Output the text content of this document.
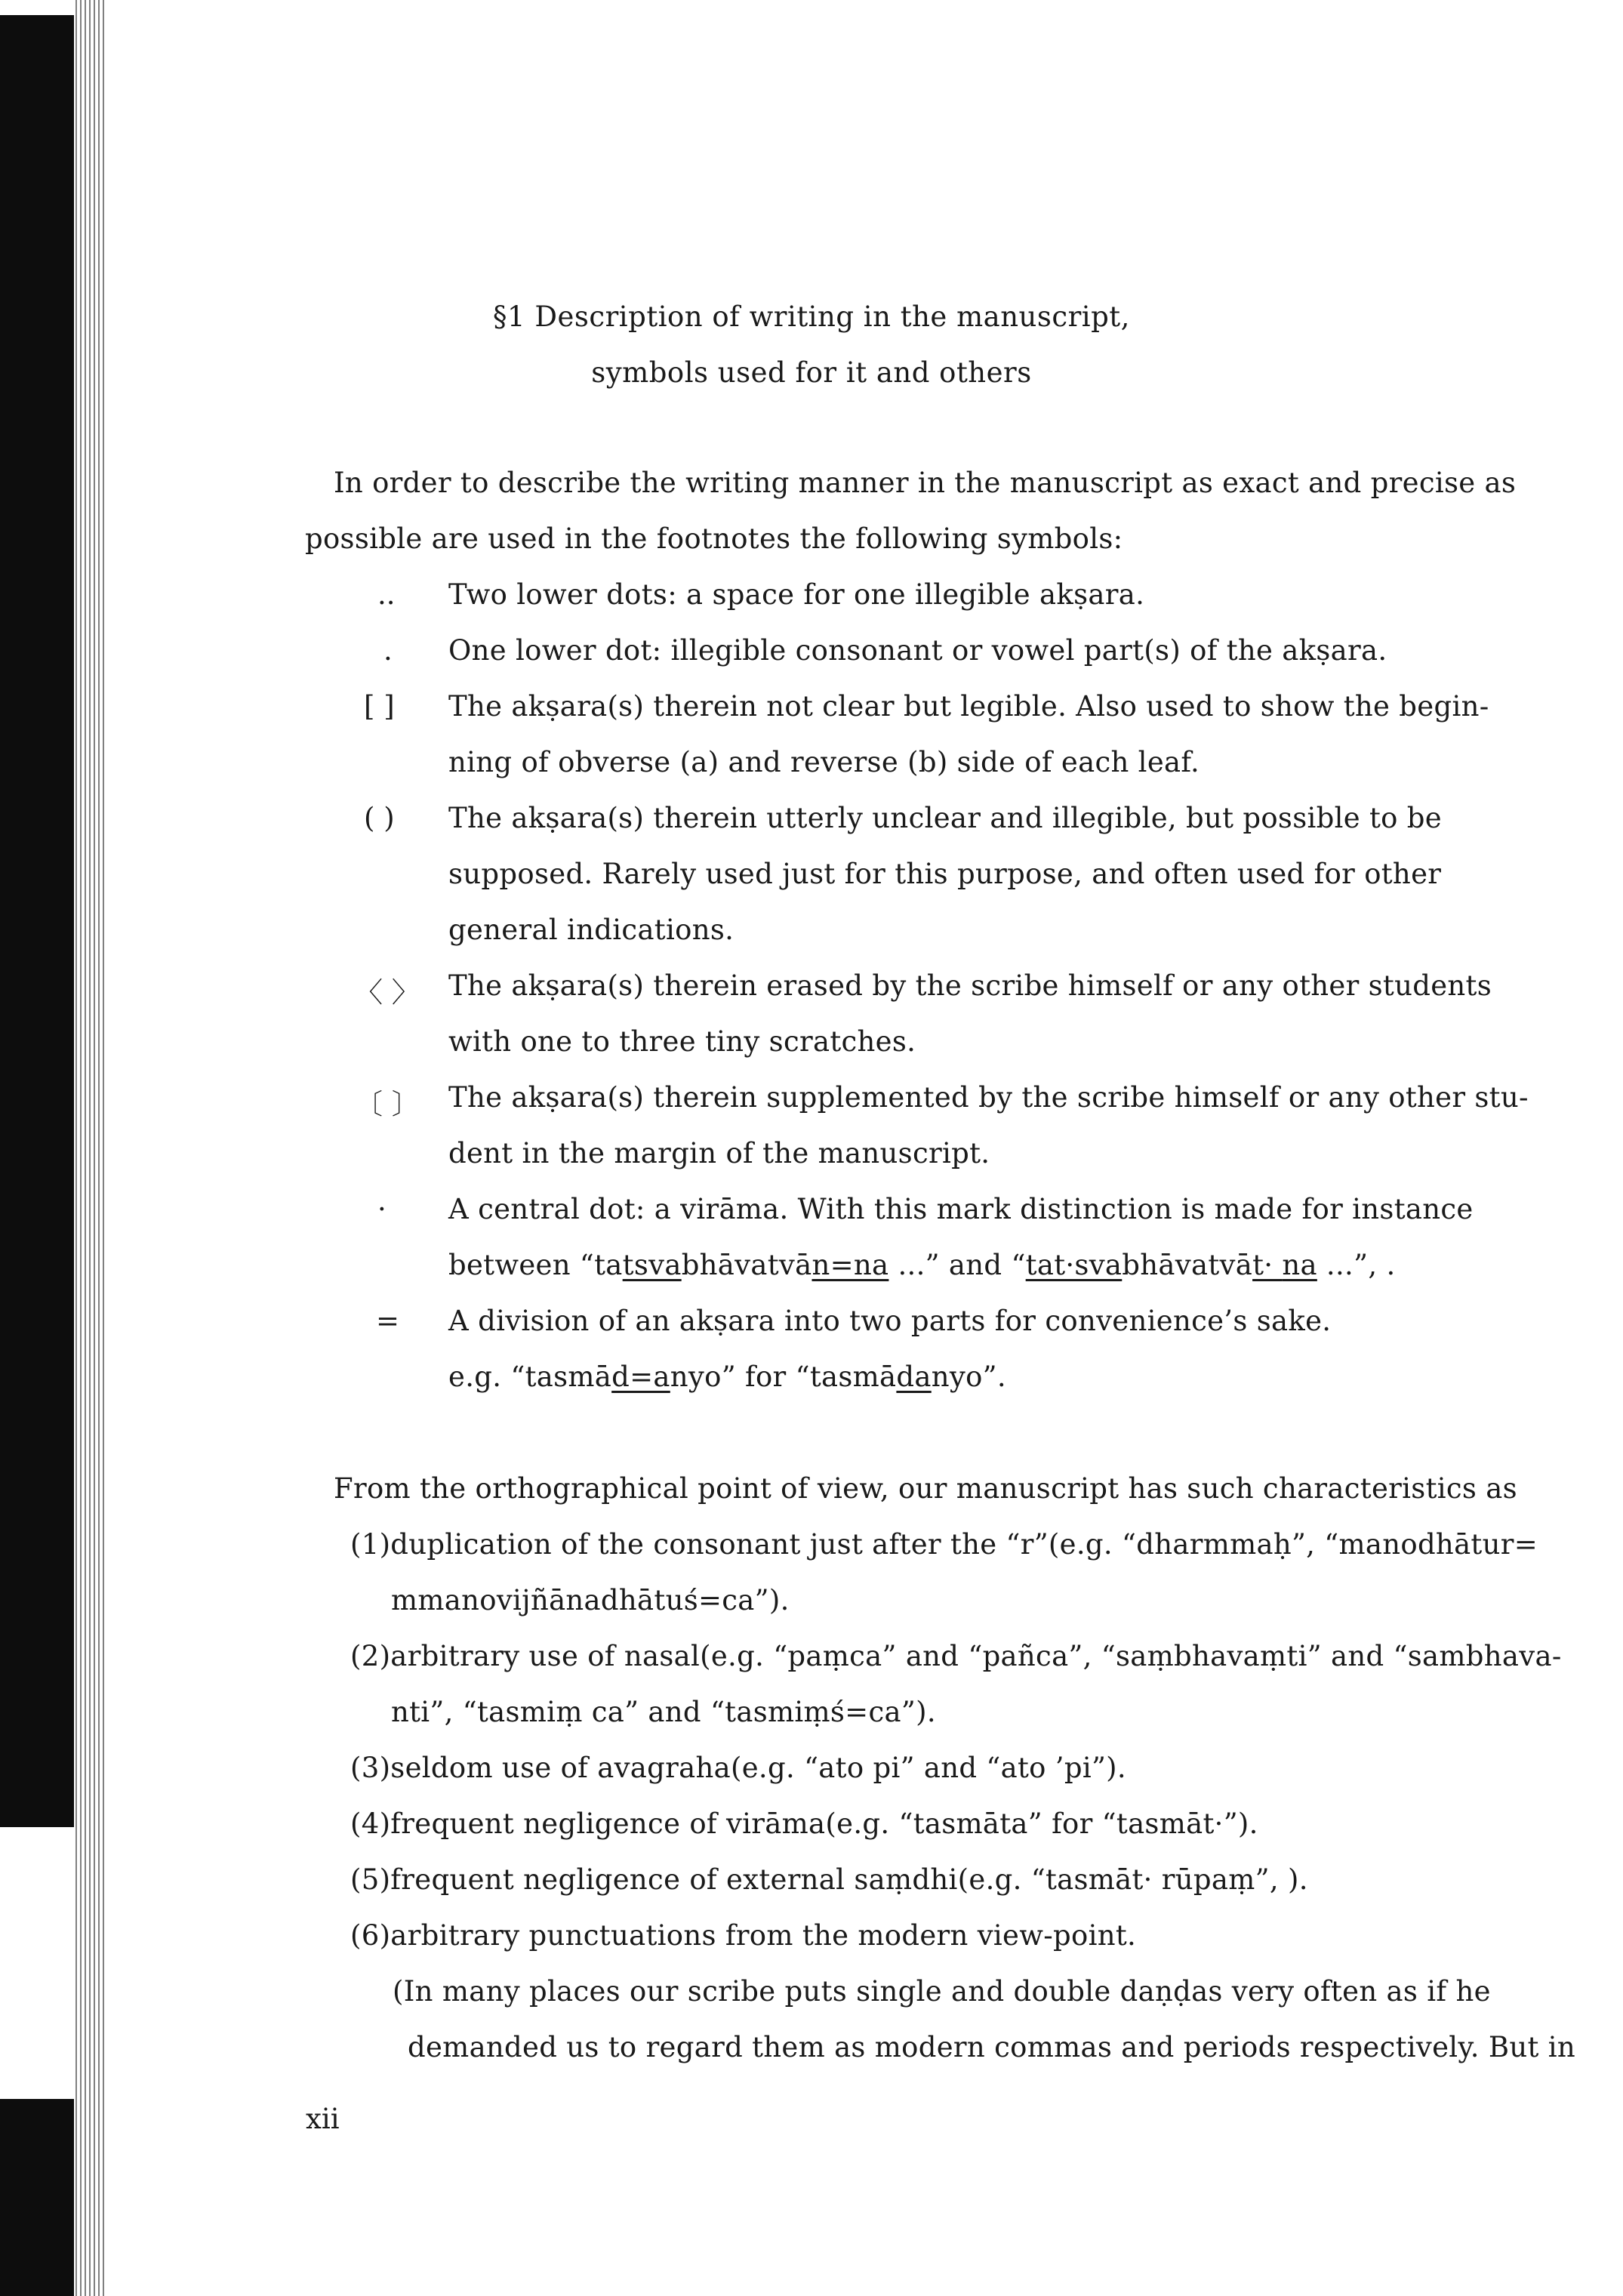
§1 Description of writing in the manuscript,
symbols used for it and others
In order to describe the writing manner in the manuscript as exact and precise as
possible are used in the footnotes the following symbols:
.. Two lower dots: a space for one illegible akṣara.
. One lower dot: illegible consonant or vowel part(s) of the akṣara.
[ ] The akṣara(s) therein not clear but legible. Also used to show the begin-
ning of obverse (a) and reverse (b) side of each leaf.
( ) The akṣara(s) therein utterly unclear and illegible, but possible to be
supposed. Rarely used just for this purpose, and often used for other
general indications.
〈 〉 The akṣara(s) therein erased by the scribe himself or any other students
with one to three tiny scratches.
〔 〕 The akṣara(s) therein supplemented by the scribe himself or any other stu-
dent in the margin of the manuscript.
· A central dot: a virāma. With this mark distinction is made for instance
between “tatsvabhāvatvān=na ...” and “tat·svabhāvatvāt· na ...”, .
= A division of an akṣara into two parts for convenience’s sake.
e.g. “tasmād=anyo” for “tasmādanyo”.
From the orthographical point of view, our manuscript has such characteristics as
(1)duplication of the consonant just after the “r”(e.g. “dharmmaḥ”, “manodhātur=
mmanovijñānadhātuś=ca”).
(2)arbitrary use of nasal(e.g. “paṃca” and “pañca”, “saṃbhavaṃti” and “sambhava-
nti”, “tasmiṃ ca” and “tasmiṃś=ca”).
(3)seldom use of avagraha(e.g. “ato pi” and “ato ’pi”).
(4)frequent negligence of virāma(e.g. “tasmāta” for “tasmāt·”).
(5)frequent negligence of external saṃdhi(e.g. “tasmāt· rūpaṃ”, ).
(6)arbitrary punctuations from the modern view-point.
(In many places our scribe puts single and double daṇḍas very often as if he
demanded us to regard them as modern commas and periods respectively. But in
xii
